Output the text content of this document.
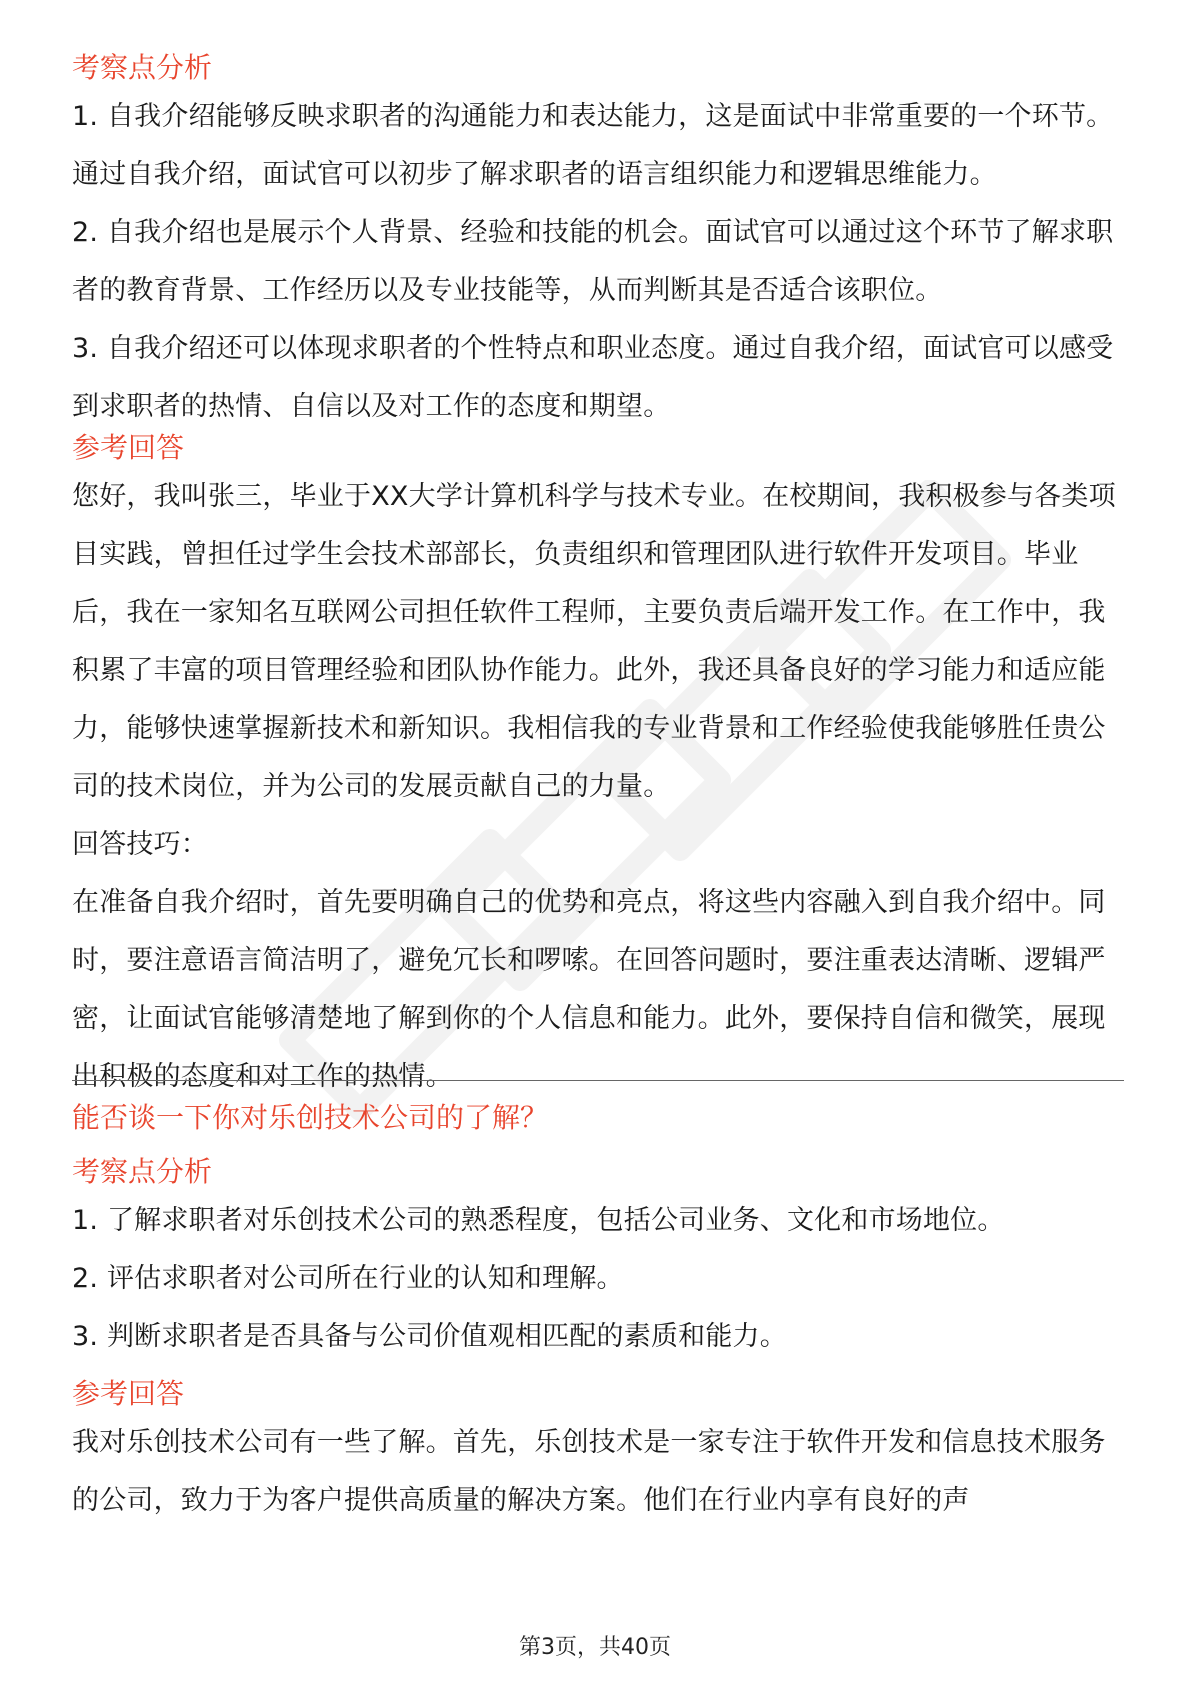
考察点分析

1. 自我介绍能够反映求职者的沟通能力和表达能力，这是面试中非常重要的一个环节。通过自我介绍，面试官可以初步了解求职者的语言组织能力和逻辑思维能力。

2. 自我介绍也是展示个人背景、经验和技能的机会。面试官可以通过这个环节了解求职者的教育背景、工作经历以及专业技能等，从而判断其是否适合该职位。

3. 自我介绍还可以体现求职者的个性特点和职业态度。通过自我介绍，面试官可以感受到求职者的热情、自信以及对工作的态度和期望。

参考回答

您好，我叫张三，毕业于XX大学计算机科学与技术专业。在校期间，我积极参与各类项目实践，曾担任过学生会技术部部长，负责组织和管理团队进行软件开发项目。毕业后，我在一家知名互联网公司担任软件工程师，主要负责后端开发工作。在工作中，我积累了丰富的项目管理经验和团队协作能力。此外，我还具备良好的学习能力和适应能力，能够快速掌握新技术和新知识。我相信我的专业背景和工作经验使我能够胜任贵公司的技术岗位，并为公司的发展贡献自己的力量。

回答技巧：

在准备自我介绍时，首先要明确自己的优势和亮点，将这些内容融入到自我介绍中。同时，要注意语言简洁明了，避免冗长和啰嗦。在回答问题时，要注重表达清晰、逻辑严密，让面试官能够清楚地了解到你的个人信息和能力。此外，要保持自信和微笑，展现出积极的态度和对工作的热情。

能否谈一下你对乐创技术公司的了解？
考察点分析

1. 了解求职者对乐创技术公司的熟悉程度，包括公司业务、文化和市场地位。

2. 评估求职者对公司所在行业的认知和理解。

3. 判断求职者是否具备与公司价值观相匹配的素质和能力。

参考回答

我对乐创技术公司有一些了解。首先，乐创技术是一家专注于软件开发和信息技术服务的公司，致力于为客户提供高质量的解决方案。他们在行业内享有良好的声

第3页，共40页
